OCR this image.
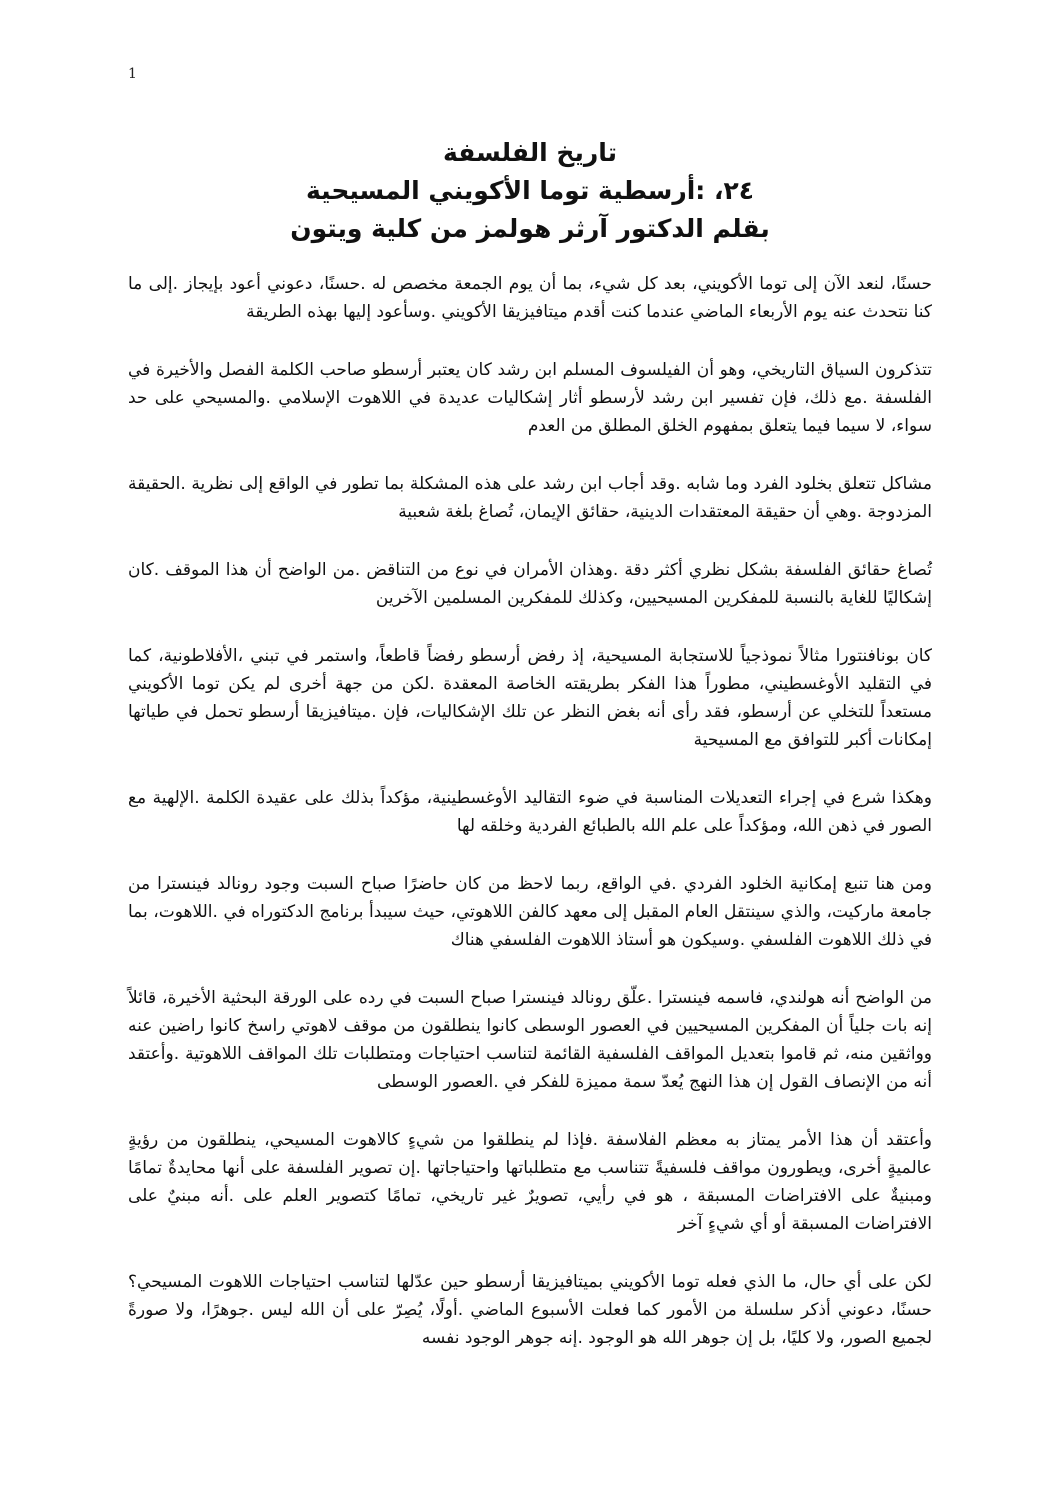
1

تاريخ الفلسفة

٢٤، :أرسطية توما الأكويني المسيحية

بقلم الدكتور آرثر هولمز من كلية ويتون

حسنًا، لنعد الآن إلى توما الأكويني، بعد كل شيء، بما أن يوم الجمعة مخصص له .حسنًا، دعوني أعود بإيجاز .إلى ما كنا نتحدث عنه يوم الأربعاء الماضي عندما كنت أقدم ميتافيزيقا الأكويني .وسأعود إليها بهذه الطريقة

تتذكرون السياق التاريخي، وهو أن الفيلسوف المسلم ابن رشد كان يعتبر أرسطو صاحب الكلمة الفصل والأخيرة في الفلسفة .مع ذلك، فإن تفسير ابن رشد لأرسطو أثار إشكاليات عديدة في اللاهوت الإسلامي .والمسيحي على حد سواء، لا سيما فيما يتعلق بمفهوم الخلق المطلق من العدم

مشاكل تتعلق بخلود الفرد وما شابه .وقد أجاب ابن رشد على هذه المشكلة بما تطور في الواقع إلى نظرية .الحقيقة المزدوجة .وهي أن حقيقة المعتقدات الدينية، حقائق الإيمان، تُصاغ بلغة شعبية

تُصاغ حقائق الفلسفة بشكل نظري أكثر دقة .وهذان الأمران في نوع من التناقض .من الواضح أن هذا الموقف .كان إشكاليًا للغاية بالنسبة للمفكرين المسيحيين، وكذلك للمفكرين المسلمين الآخرين

كان بونافنتورا مثالاً نموذجياً للاستجابة المسيحية، إذ رفض أرسطو رفضاً قاطعاً، واستمر في تبني ،الأفلاطونية، كما في التقليد الأوغسطيني، مطوراً هذا الفكر بطريقته الخاصة المعقدة .لكن من جهة أخرى لم يكن توما الأكويني مستعداً للتخلي عن أرسطو، فقد رأى أنه بغض النظر عن تلك الإشكاليات، فإن .ميتافيزيقا أرسطو تحمل في طياتها إمكانات أكبر للتوافق مع المسيحية

وهكذا شرع في إجراء التعديلات المناسبة في ضوء التقاليد الأوغسطينية، مؤكداً بذلك على عقيدة الكلمة .الإلهية مع الصور في ذهن الله، ومؤكداً على علم الله بالطبائع الفردية وخلقه لها

ومن هنا تنبع إمكانية الخلود الفردي .في الواقع، ربما لاحظ من كان حاضرًا صباح السبت وجود رونالد فينسترا من جامعة ماركيت، والذي سينتقل العام المقبل إلى معهد كالفن اللاهوتي، حيث سيبدأ برنامج الدكتوراه في .اللاهوت، بما في ذلك اللاهوت الفلسفي .وسيكون هو أستاذ اللاهوت الفلسفي هناك

من الواضح أنه هولندي، فاسمه فينسترا .علّق رونالد فينسترا صباح السبت في رده على الورقة البحثية الأخيرة، قائلاً إنه بات جلياً أن المفكرين المسيحيين في العصور الوسطى كانوا ينطلقون من موقف لاهوتي راسخ كانوا راضين عنه وواثقين منه، ثم قاموا بتعديل المواقف الفلسفية القائمة لتناسب احتياجات ومتطلبات تلك المواقف اللاهوتية .وأعتقد أنه من الإنصاف القول إن هذا النهج يُعدّ سمة مميزة للفكر في .العصور الوسطى

وأعتقد أن هذا الأمر يمتاز به معظم الفلاسفة .فإذا لم ينطلقوا من شيءٍ كالاهوت المسيحي، ينطلقون من رؤيةٍ عالميةٍ أخرى، ويطورون مواقف فلسفيةً تتناسب مع متطلباتها واحتياجاتها .إن تصوير الفلسفة على أنها محايدةٌ تمامًا ومبنيةٌ على الافتراضات المسبقة ، هو في رأيي، تصويرٌ غير تاريخي، تمامًا كتصوير العلم على .أنه مبنيٌ على الافتراضات المسبقة أو أي شيءٍ آخر

لكن على أي حال، ما الذي فعله توما الأكويني بميتافيزيقا أرسطو حين عدّلها لتناسب احتياجات اللاهوت المسيحي؟ حسنًا، دعوني أذكر سلسلة من الأمور كما فعلت الأسبوع الماضي .أولًا، يُصِرّ على أن الله ليس .جوهرًا، ولا صورةً لجميع الصور، ولا كليًا، بل إن جوهر الله هو الوجود .إنه جوهر الوجود نفسه
